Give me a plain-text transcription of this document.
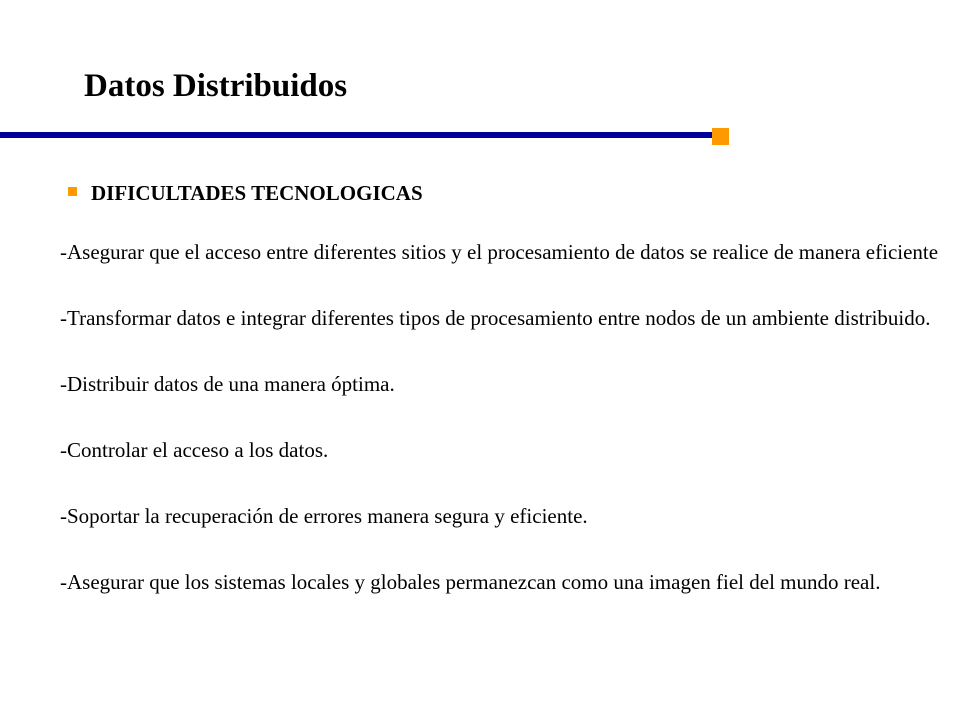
Datos Distribuidos
DIFICULTADES TECNOLOGICAS
-Asegurar que el acceso entre diferentes sitios y el procesamiento de datos se realice de manera eficiente
-Transformar datos e integrar diferentes tipos de procesamiento entre nodos de un ambiente distribuido.
-Distribuir datos de una manera óptima.
-Controlar el acceso a los datos.
-Soportar la recuperación de errores manera segura y eficiente.
-Asegurar que los sistemas locales y globales permanezcan como una imagen fiel del mundo real.
